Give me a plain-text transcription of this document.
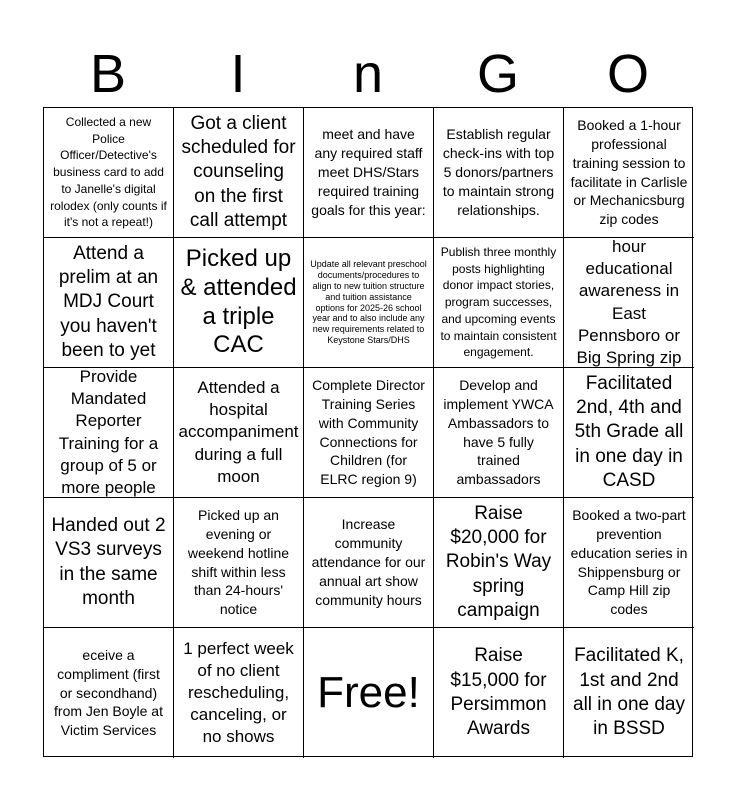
B	I	n	G	O
Collected a new Police Officer/Detective's business card to add to Janelle's digital rolodex (only counts if it's not a repeat!)
Got a client scheduled for counseling on the first call attempt
meet and have any required staff meet DHS/Stars required training goals for this year:
Establish regular check-ins with top 5 donors/partners to maintain strong relationships.
Booked a 1-hour professional training session to facilitate in Carlisle or Mechanicsburg zip codes
Attend a prelim at an MDJ Court you haven't been to yet
Picked up & attended a triple CAC
Update all relevant preschool documents/procedures to align to new tuition structure and tuition assistance options for 2025-26 school year and to also include any new requirements related to Keystone Stars/DHS
Publish three monthly posts highlighting donor impact stories, program successes, and upcoming events to maintain consistent engagement.
hour educational awareness in East Pennsboro or Big Spring zip
Provide Mandated Reporter Training for a group of 5 or more people
Attended a hospital accompaniment during a full moon
Complete Director Training Series with Community Connections for Children (for ELRC region 9)
Develop and implement YWCA Ambassadors to have 5 fully trained ambassadors
Facilitated 2nd, 4th and 5th Grade all in one day in CASD
Handed out 2 VS3 surveys in the same month
Picked up an evening or weekend hotline shift within less than 24-hours' notice
Increase community attendance for our annual art show community hours
Raise $20,000 for Robin's Way spring campaign
Booked a two-part prevention education series in Shippensburg or Camp Hill zip codes
eceive a compliment (first or secondhand) from Jen Boyle at Victim Services
1 perfect week of no client rescheduling, canceling, or no shows
Free!
Raise $15,000 for Persimmon Awards
Facilitated K, 1st and 2nd all in one day in BSSD
